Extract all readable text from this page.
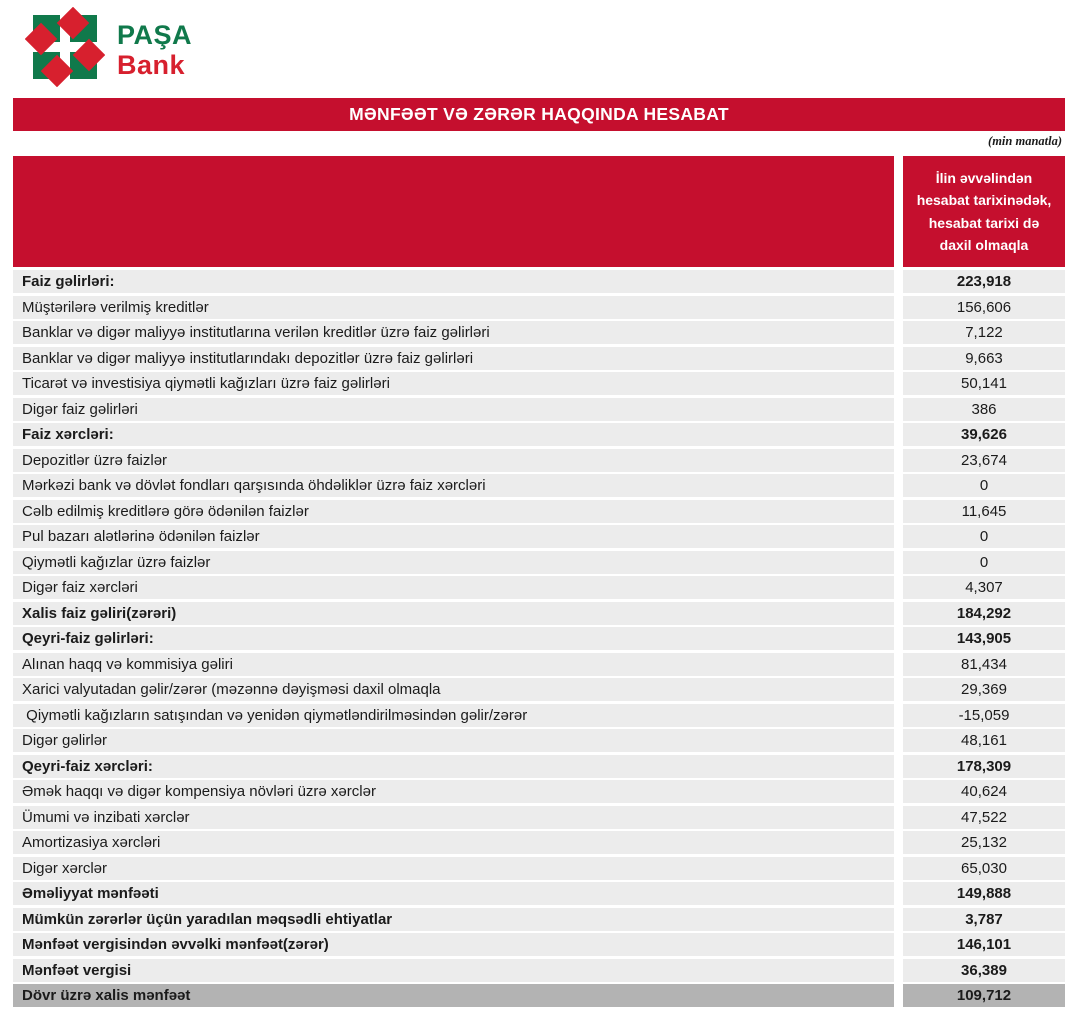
PAŞA
Bank
MƏNFƏƏT VƏ ZƏRƏR HAQQINDA HESABAT
(min manatla)
İlin əvvəlindən hesabat tarixinədək, hesabat tarixi də daxil olmaqla
Faiz gəlirləri:	223,918
Müştərilərə verilmiş kreditlər	156,606
Banklar və digər maliyyə institutlarına verilən kreditlər üzrə faiz gəlirləri	7,122
Banklar və digər maliyyə institutlarındakı depozitlər üzrə faiz gəlirləri	9,663
Ticarət və investisiya qiymətli kağızları üzrə faiz gəlirləri	50,141
Digər faiz gəlirləri	386
Faiz xərcləri:	39,626
Depozitlər üzrə faizlər	23,674
Mərkəzi bank və dövlət fondları qarşısında öhdəliklər üzrə faiz xərcləri	0
Cəlb edilmiş kreditlərə görə ödənilən faizlər	11,645
Pul bazarı alətlərinə ödənilən faizlər	0
Qiymətli kağızlar üzrə faizlər	0
Digər faiz xərcləri	4,307
Xalis faiz gəliri(zərəri)	184,292
Qeyri-faiz gəlirləri:	143,905
Alınan haqq və kommisiya gəliri	81,434
Xarici valyutadan gəlir/zərər (məzənnə dəyişməsi daxil olmaqla	29,369
Qiymətli kağızların satışından və yenidən qiymətləndirilməsindən gəlir/zərər	-15,059
Digər gəlirlər	48,161
Qeyri-faiz xərcləri:	178,309
Əmək haqqı və digər kompensiya növləri üzrə xərclər	40,624
Ümumi və inzibati xərclər	47,522
Amortizasiya xərcləri	25,132
Digər xərclər	65,030
Əməliyyat mənfəəti	149,888
Mümkün zərərlər üçün yaradılan məqsədli ehtiyatlar	3,787
Mənfəət vergisindən əvvəlki mənfəət(zərər)	146,101
Mənfəət vergisi	36,389
Dövr üzrə xalis mənfəət	109,712
